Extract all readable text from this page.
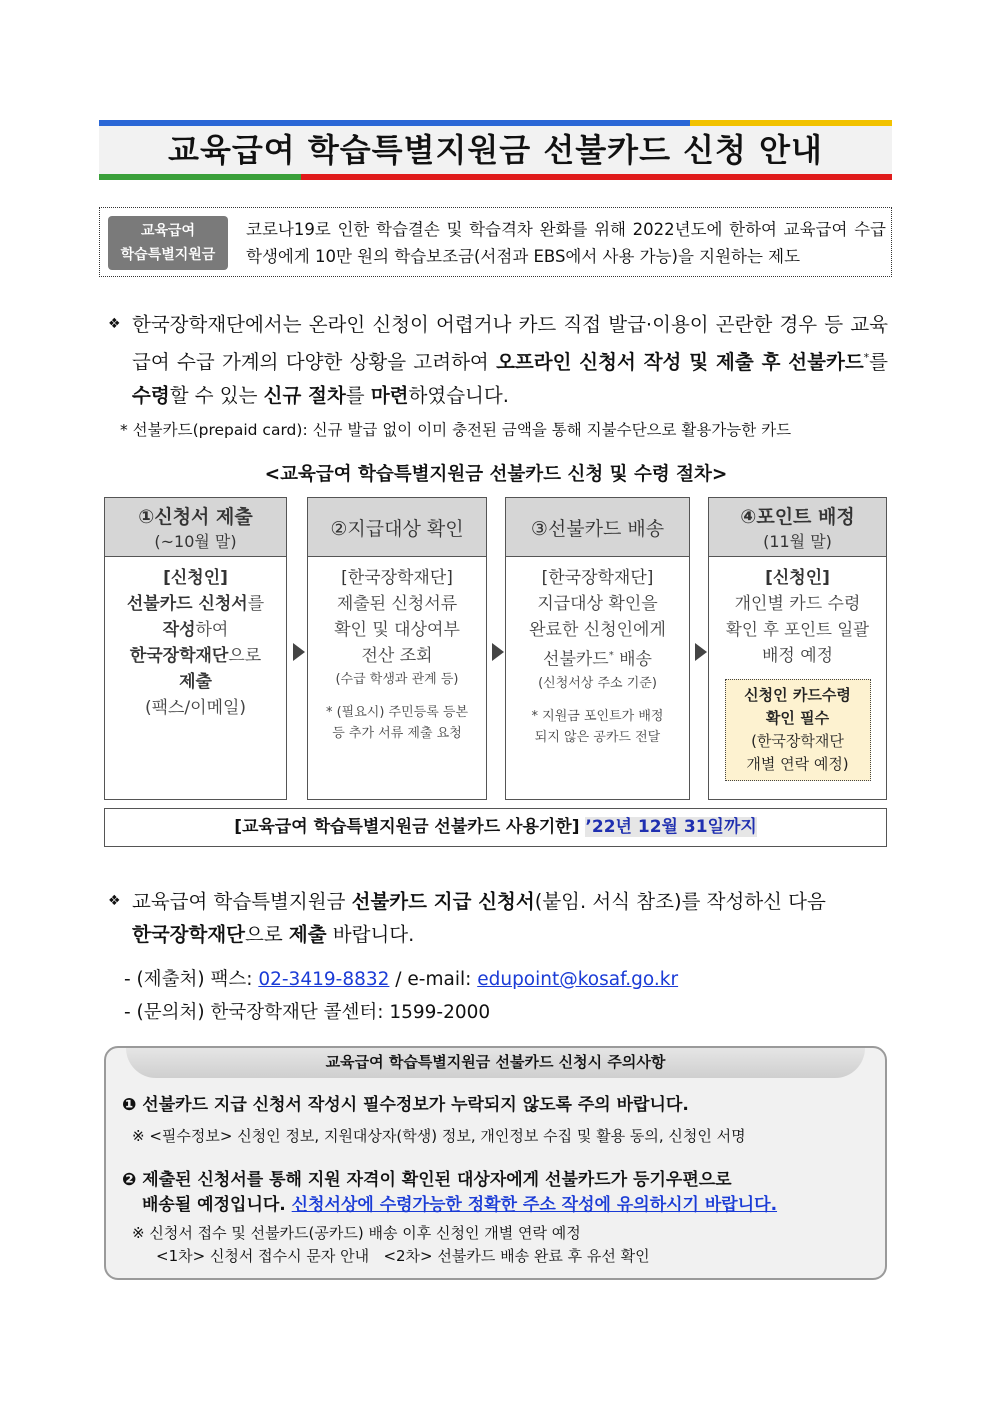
교육급여 학습특별지원금 선불카드 신청 안내
교육급여
학습특별지원금
코로나19로 인한 학습결손 및 학습격차 완화를 위해 2022년도에 한하여 교육급여 수급 학생에게 10만 원의 학습보조금(서점과 EBS에서 사용 가능)을 지원하는 제도
❖ 한국장학재단에서는 온라인 신청이 어렵거나 카드 직접 발급·이용이 곤란한 경우 등 교육급여 수급 가계의 다양한 상황을 고려하여 오프라인 신청서 작성 및 제출 후 선불카드*를 수령할 수 있는 신규 절차를 마련하였습니다.
* 선불카드(prepaid card): 신규 발급 없이 이미 충전된 금액을 통해 지불수단으로 활용가능한 카드
<교육급여 학습특별지원금 선불카드 신청 및 수령 절차>
①신청서 제출
(~10월 말)
[신청인]
선불카드 신청서를
작성하여
한국장학재단으로
제출
(팩스/이메일)
②지급대상 확인
[한국장학재단]
제출된 신청서류
확인 및 대상여부
전산 조회
(수급 학생과 관계 등)
* (필요시) 주민등록 등본
등 추가 서류 제출 요청
③선불카드 배송
[한국장학재단]
지급대상 확인을
완료한 신청인에게
선불카드* 배송
(신청서상 주소 기준)
* 지원금 포인트가 배정
되지 않은 공카드 전달
④포인트 배정
(11월 말)
[신청인]
개인별 카드 수령
확인 후 포인트 일괄
배정 예정
신청인 카드수령
확인 필수
(한국장학재단
개별 연락 예정)
[교육급여 학습특별지원금 선불카드 사용기한] ’22년 12월 31일까지
❖ 교육급여 학습특별지원금 선불카드 지급 신청서(붙임. 서식 참조)를 작성하신 다음
한국장학재단으로 제출 바랍니다.
- (제출처) 팩스: 02-3419-8832 / e-mail: edupoint@kosaf.go.kr
- (문의처) 한국장학재단 콜센터: 1599-2000
교육급여 학습특별지원금 선불카드 신청시 주의사항
❶ 선불카드 지급 신청서 작성시 필수정보가 누락되지 않도록 주의 바랍니다.
※ <필수정보> 신청인 정보, 지원대상자(학생) 정보, 개인정보 수집 및 활용 동의, 신청인 서명
❷ 제출된 신청서를 통해 지원 자격이 확인된 대상자에게 선불카드가 등기우편으로
배송될 예정입니다. 신청서상에 수령가능한 정확한 주소 작성에 유의하시기 바랍니다.
※ 신청서 접수 및 선불카드(공카드) 배송 이후 신청인 개별 연락 예정
<1차> 신청서 접수시 문자 안내   <2차> 선불카드 배송 완료 후 유선 확인
